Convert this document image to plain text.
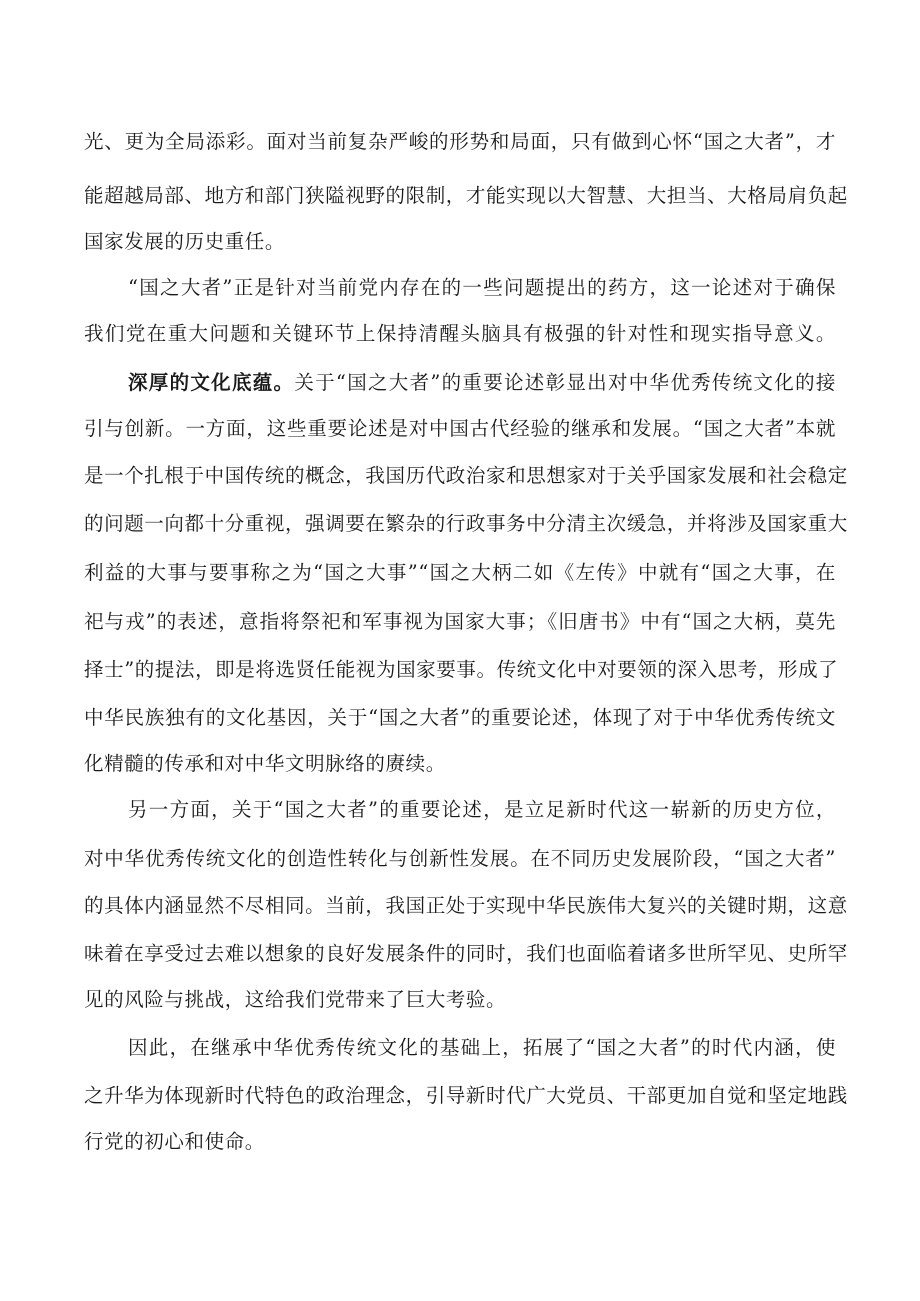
光、更为全局添彩。面对当前复杂严峻的形势和局面，只有做到心怀“国之大者”，才
能超越局部、地方和部门狭隘视野的限制，才能实现以大智慧、大担当、大格局肩负起
国家发展的历史重任。
“国之大者”正是针对当前党内存在的一些问题提出的药方，这一论述对于确保
我们党在重大问题和关键环节上保持清醒头脑具有极强的针对性和现实指导意义。
深厚的文化底蕴。关于“国之大者”的重要论述彰显出对中华优秀传统文化的接
引与创新。一方面，这些重要论述是对中国古代经验的继承和发展。“国之大者”本就
是一个扎根于中国传统的概念，我国历代政治家和思想家对于关乎国家发展和社会稳定
的问题一向都十分重视，强调要在繁杂的行政事务中分清主次缓急，并将涉及国家重大
利益的大事与要事称之为“国之大事”“国之大柄二如《左传》中就有“国之大事，在
祀与戎”的表述，意指将祭祀和军事视为国家大事；《旧唐书》中有“国之大柄，莫先
择士”的提法，即是将选贤任能视为国家要事。传统文化中对要领的深入思考，形成了
中华民族独有的文化基因，关于“国之大者”的重要论述，体现了对于中华优秀传统文
化精髓的传承和对中华文明脉络的赓续。
另一方面，关于“国之大者”的重要论述，是立足新时代这一崭新的历史方位，
对中华优秀传统文化的创造性转化与创新性发展。在不同历史发展阶段，“国之大者”
的具体内涵显然不尽相同。当前，我国正处于实现中华民族伟大复兴的关键时期，这意
味着在享受过去难以想象的良好发展条件的同时，我们也面临着诸多世所罕见、史所罕
见的风险与挑战，这给我们党带来了巨大考验。
因此，在继承中华优秀传统文化的基础上，拓展了“国之大者”的时代内涵，使
之升华为体现新时代特色的政治理念，引导新时代广大党员、干部更加自觉和坚定地践
行党的初心和使命。
